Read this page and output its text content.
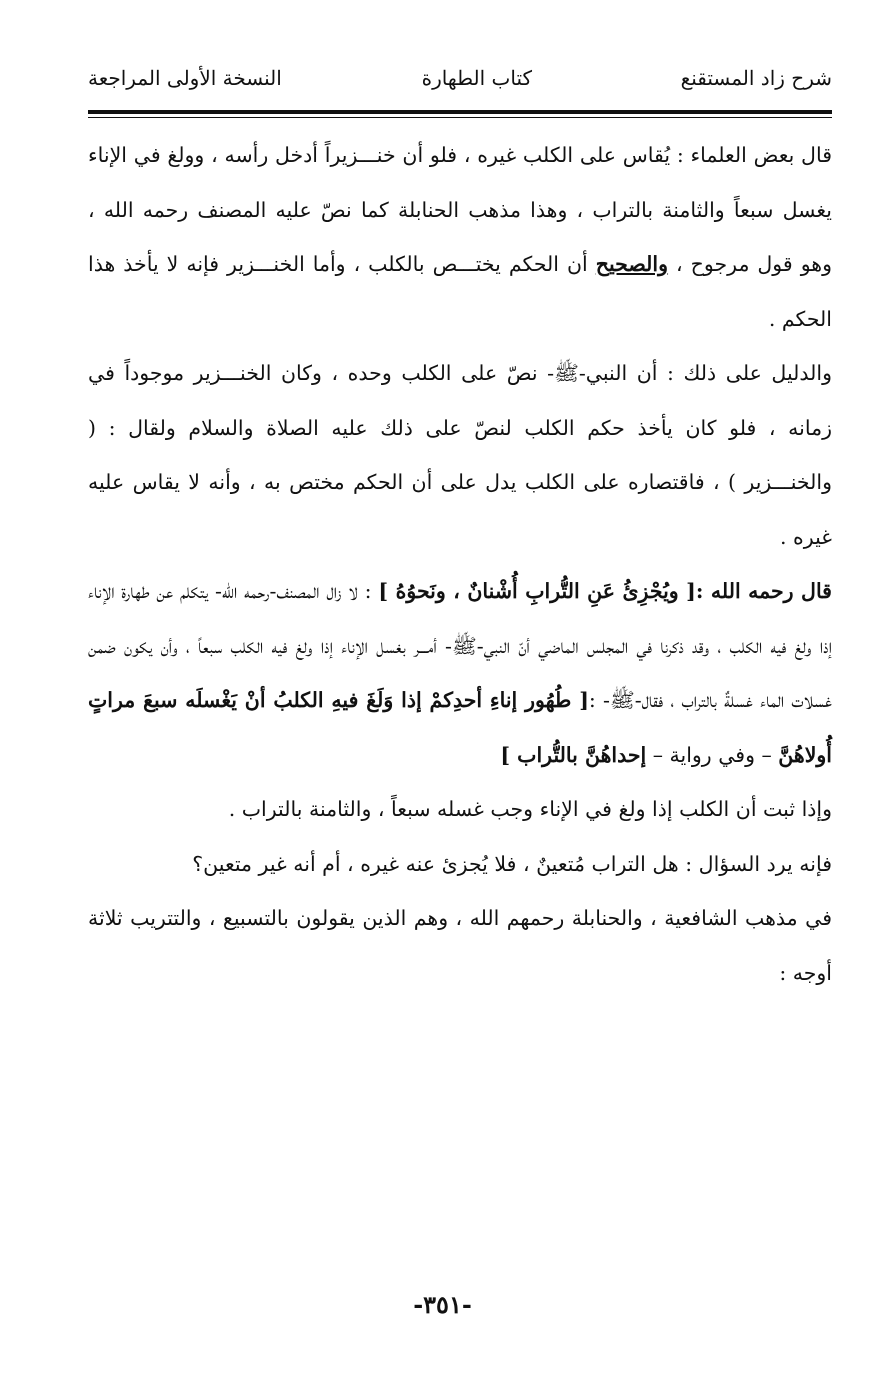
شرح زاد المستقنع
كتاب الطهارة
النسخة الأولى المراجعة

قال بعض العلماء : يُقاس على الكلب غيره ، فلو أن خنـــزيراً أدخل رأسه ، وولغ في الإناء يغسل سبعاً والثامنة بالتراب ، وهذا مذهب الحنابلة كما نصّ عليه المصنف رحمه الله ، وهو قول مرجوح ، والصحيح أن الحكم يختـــص بالكلب ، وأما الخنـــزير فإنه لا يأخذ هذا الحكم .

والدليل على ذلك : أن النبي-ﷺ- نصّ على الكلب وحده ، وكان الخنـــزير موجوداً في زمانه ، فلو كان يأخذ حكم الكلب لنصّ على ذلك عليه الصلاة والسلام ولقال : ( والخنـــزير ) ، فاقتصاره على الكلب يدل على أن الحكم مختص به ، وأنه لا يقاس عليه غيره .

قال رحمه الله :[ ويُجْزِئُ عَنِ التُّرابِ أُشْنانٌ ، ونَحوُهُ ] : لا زال المصنف-رحمه الله- يتكلم عن طهارة الإناء إذا ولغ فيه الكلب ، وقد ذكرنا في المجلس الماضي أنّ النبي-ﷺ- أمـــر بغسل الإناء إذا ولغ فيه الكلب سبعاً ، وأن يكون ضمن غسلات الماء غسلةٌ بالتراب ، فقال-ﷺ- :[ طُهُور إناءِ أحدِكمْ إذا وَلَغَ فيهِ الكلبُ أنْ يَغْسلَه سبعَ مراتٍ أُولاهُنَّ – وفي رواية – إحداهُنَّ بالتُّراب ]

وإذا ثبت أن الكلب إذا ولغ في الإناء وجب غسله سبعاً ، والثامنة بالتراب .

فإنه يرد السؤال : هل التراب مُتعينٌ ، فلا يُجزئ عنه غيره ، أم أنه غير متعين؟

في مذهب الشافعية ، والحنابلة رحمهم الله ، وهم الذين يقولون بالتسبيع ، والتتريب ثلاثة أوجه :

-٣٥١-
